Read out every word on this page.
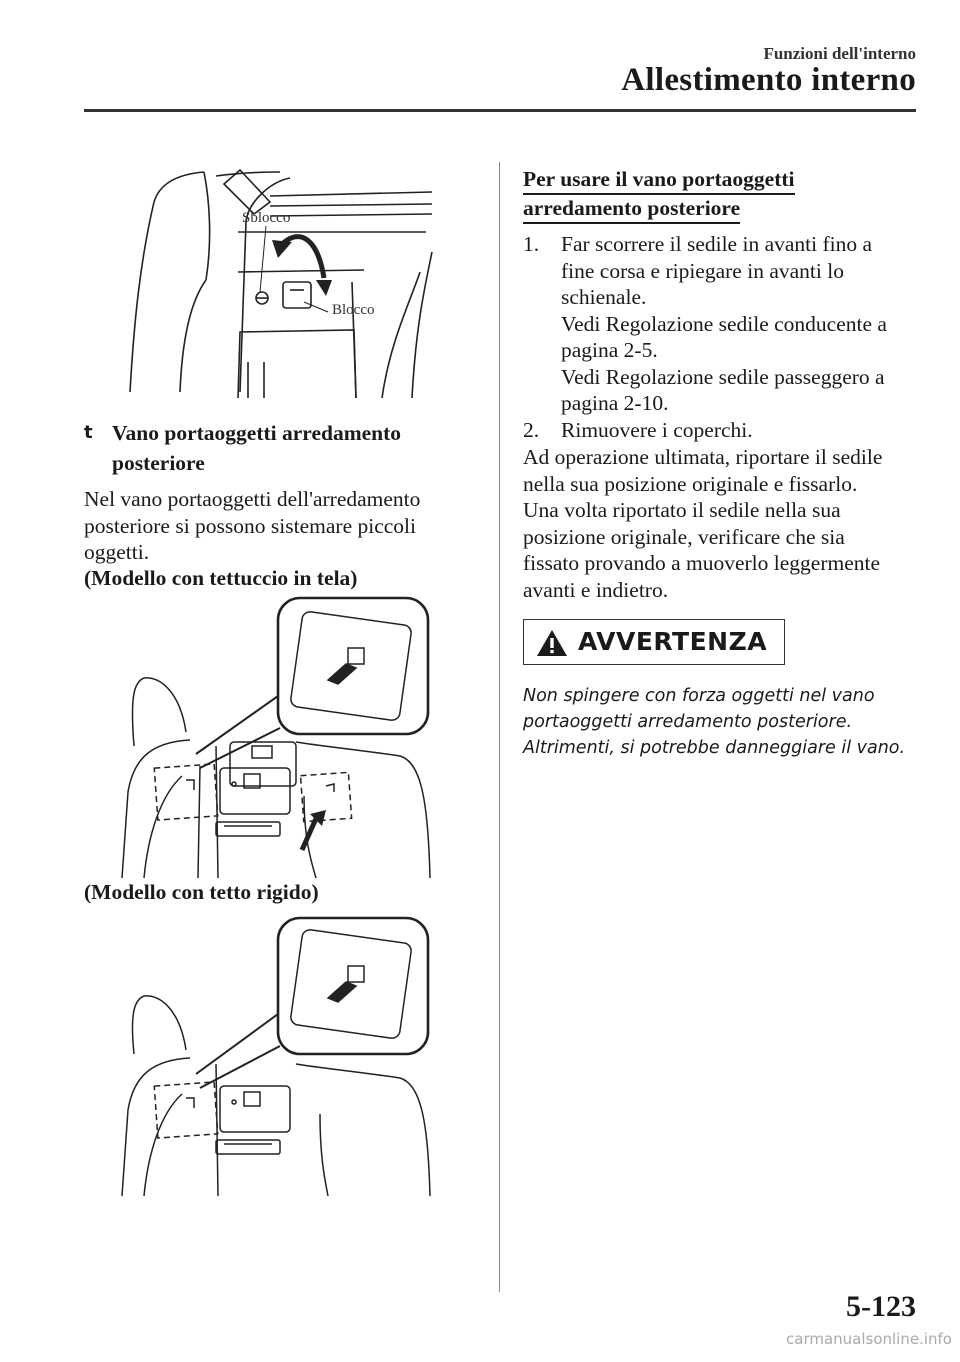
Funzioni dell'interno
Allestimento interno
Sblocco
Blocco
t Vano portaoggetti arredamento
posteriore
Nel vano portaoggetti dell'arredamento
posteriore si possono sistemare piccoli
oggetti.
(Modello con tettuccio in tela)
(Modello con tetto rigido)
Per usare il vano portaoggetti
arredamento posteriore
1. Far scorrere il sedile in avanti fino a
fine corsa e ripiegare in avanti lo
schienale.
Vedi Regolazione sedile conducente a
pagina 2-5.
Vedi Regolazione sedile passeggero a
pagina 2-10.
2. Rimuovere i coperchi.
Ad operazione ultimata, riportare il sedile
nella sua posizione originale e fissarlo.
Una volta riportato il sedile nella sua
posizione originale, verificare che sia
fissato provando a muoverlo leggermente
avanti e indietro.
AVVERTENZA
Non spingere con forza oggetti nel vano
portaoggetti arredamento posteriore.
Altrimenti, si potrebbe danneggiare il vano.
5-123
carmanualsonline.info
